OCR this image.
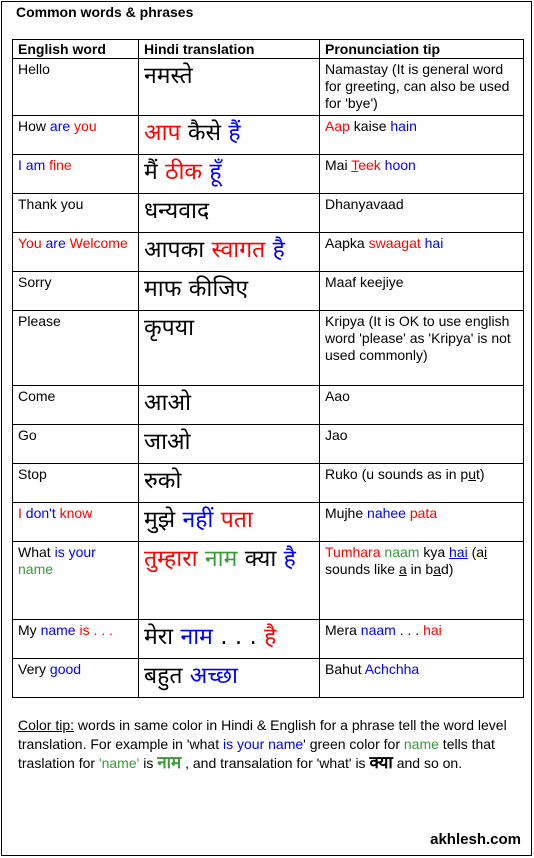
Common words & phrases
English word	Hindi translation	Pronunciation tip
Hello	नमस्ते	Namastay (It is general word for greeting, can also be used for 'bye')
How are you	आप कैसे हैं	Aap kaise hain
I am fine	मैं ठीक हूँ	Mai Teek hoon
Thank you	धन्यवाद	Dhanyavaad
You are Welcome	आपका स्वागत है	Aapka swaagat hai
Sorry	माफ कीजिए	Maaf keejiye
Please	कृपया	Kripya (It is OK to use english word 'please' as 'Kripya' is not used commonly)
Come	आओ	Aao
Go	जाओ	Jao
Stop	रुको	Ruko (u sounds as in put)
I don't know	मुझे नहीं पता	Mujhe nahee pata
What is your name	तुम्हारा नाम क्या है	Tumhara naam kya hai (ai sounds like a in bad)
My name is . . .	मेरा नाम . . . है	Mera naam . . . hai
Very good	बहुत अच्छा	Bahut Achchha
Color tip: words in same color in Hindi & English for a phrase tell the word level translation. For example in 'what is your name' green color for name tells that traslation for 'name' is नाम , and transalation for 'what' is क्या and so on.
akhlesh.com
